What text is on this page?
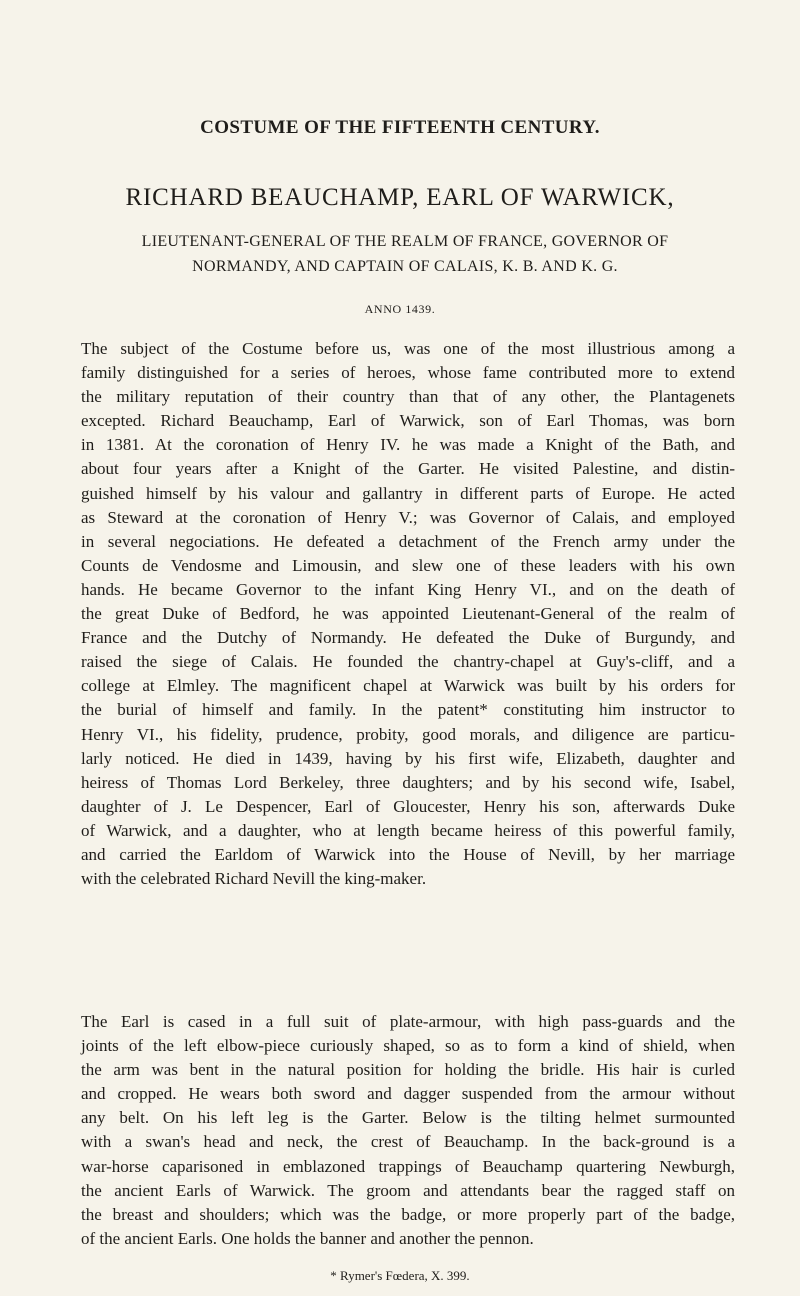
COSTUME OF THE FIFTEENTH CENTURY.
RICHARD BEAUCHAMP, EARL OF WARWICK,
LIEUTENANT-GENERAL OF THE REALM OF FRANCE, GOVERNOR OF
NORMANDY, AND CAPTAIN OF CALAIS, K. B. AND K. G.
ANNO 1439.
The subject of the Costume before us, was one of the most illustrious among a
family distinguished for a series of heroes, whose fame contributed more to extend
the military reputation of their country than that of any other, the Plantagenets
excepted. Richard Beauchamp, Earl of Warwick, son of Earl Thomas, was born
in 1381. At the coronation of Henry IV. he was made a Knight of the Bath, and
about four years after a Knight of the Garter. He visited Palestine, and distin-
guished himself by his valour and gallantry in different parts of Europe. He acted
as Steward at the coronation of Henry V.; was Governor of Calais, and employed
in several negociations. He defeated a detachment of the French army under the
Counts de Vendosme and Limousin, and slew one of these leaders with his own
hands. He became Governor to the infant King Henry VI., and on the death of
the great Duke of Bedford, he was appointed Lieutenant-General of the realm of
France and the Dutchy of Normandy. He defeated the Duke of Burgundy, and
raised the siege of Calais. He founded the chantry-chapel at Guy's-cliff, and a
college at Elmley. The magnificent chapel at Warwick was built by his orders for
the burial of himself and family. In the patent* constituting him instructor to
Henry VI., his fidelity, prudence, probity, good morals, and diligence are particu-
larly noticed. He died in 1439, having by his first wife, Elizabeth, daughter and
heiress of Thomas Lord Berkeley, three daughters; and by his second wife, Isabel,
daughter of J. Le Despencer, Earl of Gloucester, Henry his son, afterwards Duke
of Warwick, and a daughter, who at length became heiress of this powerful family,
and carried the Earldom of Warwick into the House of Nevill, by her marriage
with the celebrated Richard Nevill the king-maker.
The Earl is cased in a full suit of plate-armour, with high pass-guards and the
joints of the left elbow-piece curiously shaped, so as to form a kind of shield, when
the arm was bent in the natural position for holding the bridle. His hair is curled
and cropped. He wears both sword and dagger suspended from the armour without
any belt. On his left leg is the Garter. Below is the tilting helmet surmounted
with a swan's head and neck, the crest of Beauchamp. In the back-ground is a
war-horse caparisoned in emblazoned trappings of Beauchamp quartering Newburgh,
the ancient Earls of Warwick. The groom and attendants bear the ragged staff on
the breast and shoulders; which was the badge, or more properly part of the badge,
of the ancient Earls. One holds the banner and another the pennon.
* Rymer's Fœdera, X. 399.
